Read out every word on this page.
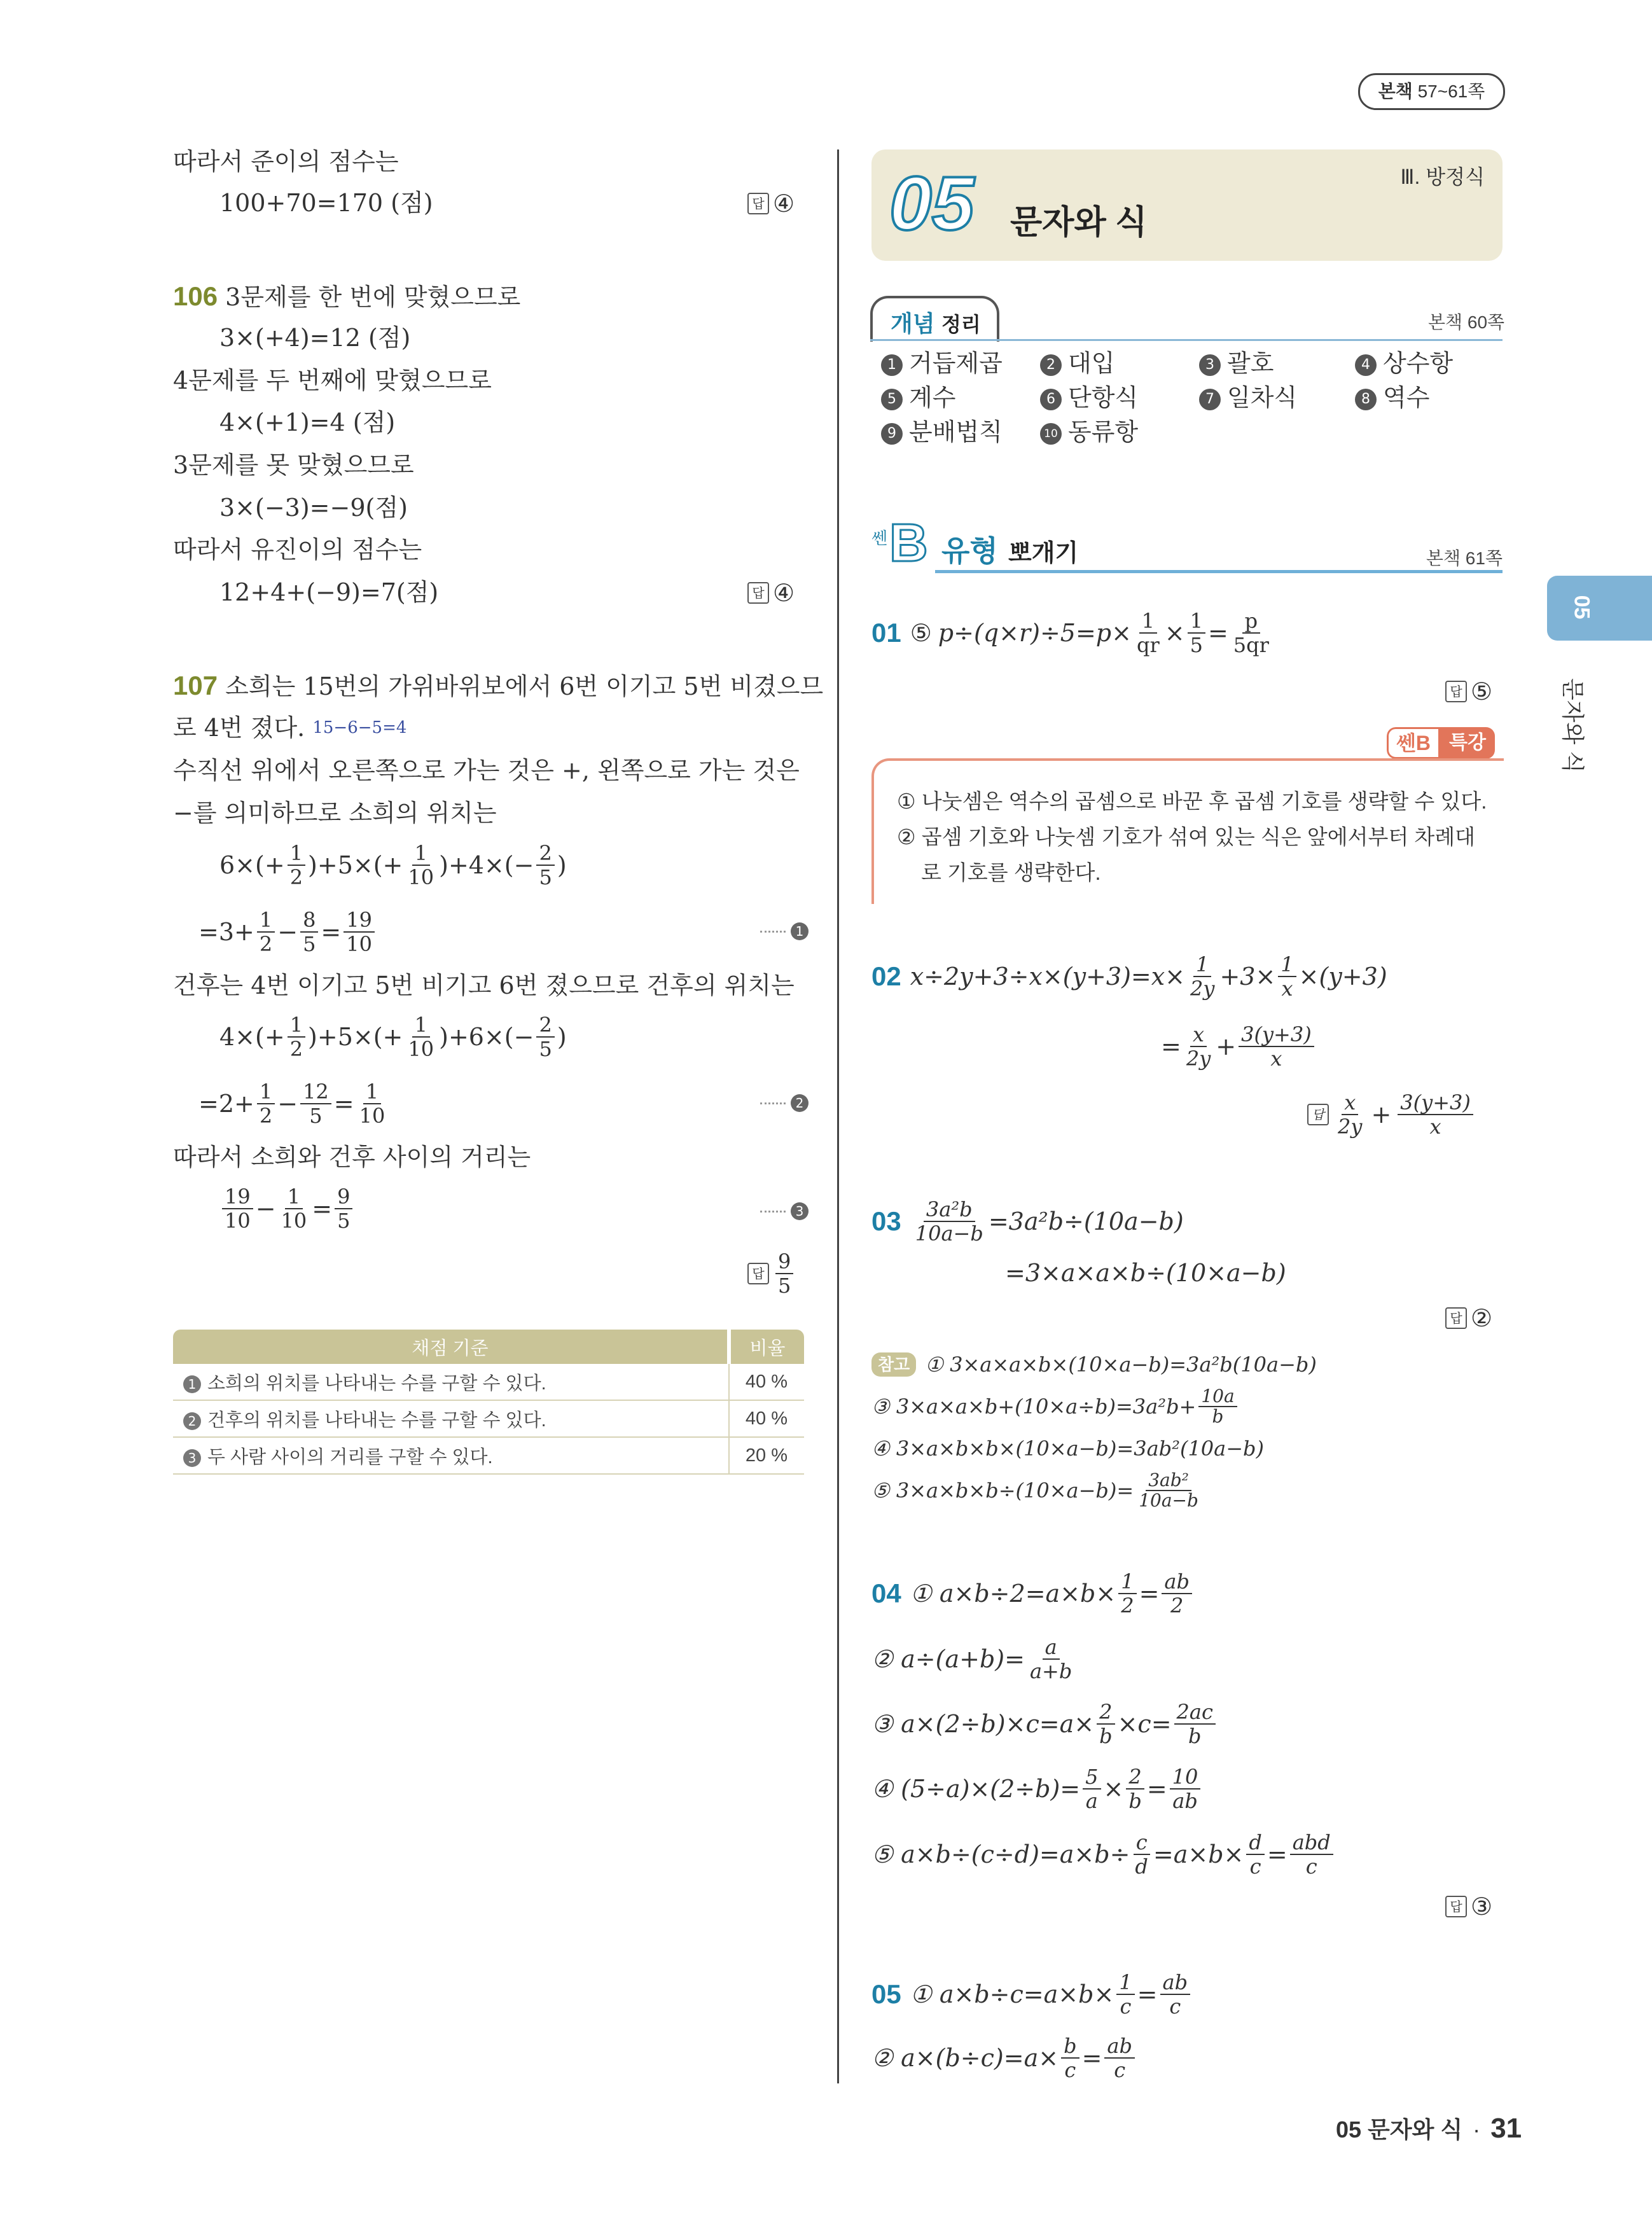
본책 57~61쪽
05
문자와 식
따라서 준이의 점수는
100+70=170 (점)	답 ④
106 3문제를 한 번에 맞혔으므로
3×(+4)=12 (점)
4문제를 두 번째에 맞혔으므로
4×(+1)=4 (점)
3문제를 못 맞혔으므로
3×(−3)=−9(점)
따라서 유진이의 점수는
12+4+(−9)=7(점)	답 ④
107 소희는 15번의 가위바위보에서 6번 이기고 5번 비겼으므
로 4번 졌다. $^{15-6-5=4}$
수직선 위에서 오른쪽으로 가는 것은 +, 왼쪽으로 가는 것은
−를 의미하므로 소희의 위치는
$6\times(+ \frac{1}{2} )+5\times(+ \frac{1}{10} )+4\times(- \frac{2}{5}$ )
$=3+ \frac{1}{2} - \frac{8}{5} = \frac{19}{10}$	1
건후는 4번 이기고 5번 비기고 6번 졌으므로 건후의 위치는
$4\times(+ \frac{1}{2} )+5\times(+ \frac{1}{10} )+6\times(- \frac{2}{5}$ )
$=2+ \frac{1}{2} - \frac{12}{5} = \frac{1}{10}$	2
따라서 소희와 건후 사이의 거리는
$\frac{19}{10} - \frac{1}{10} = \frac{9}{5}$	3
답 $\frac{9}{5}$
채점 기준	비율
1 소희의 위치를 나타내는 수를 구할 수 있다.	40 %
2 건후의 위치를 나타내는 수를 구할 수 있다.	40 %
3 두 사람 사이의 거리를 구할 수 있다.	20 %
05 문자와 식
Ⅲ. 방정식
개념 정리	본책 60쪽
1 거듭제곱	2 대입	3 괄호	4 상수항
5 계수	6 단항식	7 일차식	8 역수
9 분배법칙	10 동류항
쎈 B 유형 뽀개기	본책 61쪽
01 ⑤ $p\div(q\times r)\div 5=p\times \frac{1}{qr} \times \frac{1}{5} = \frac{p}{5qr}$
답 ⑤
쎈B 특강
① 나눗셈은 역수의 곱셈으로 바꾼 후 곱셈 기호를 생략할 수 있다.
② 곱셈 기호와 나눗셈 기호가 섞여 있는 식은 앞에서부터 차례대
로 기호를 생략한다.
02 $x\div 2y+3\div x\times(y+3)=x\times \frac{1}{2y} +3\times \frac{1}{x} \times(y+3)$
= $\frac{x}{2y} + \frac{3(y+3)}{x}$
답 $\frac{x}{2y} + \frac{3(y+3)}{x}$
$03 \frac{\text{3a²b}}{10a-b} =3a^2b\div(10a-b)$
=3×a×a×b÷(10×a−b)
답 ②
참고 ① 3×a×a×b×(10×a−b)=3a²b(10a−b)
③ $3\times a\times a\times b+(10\times a\div b)=3a^2b+ \frac{10a}{b}$
④ 3×a×b×b×(10×a−b)=3ab²(10a−b)
⑤ $3\times a\times b\times b\div(10\times a-b)= \frac{\text{3ab²}}{10a-b}$
04 ① $a\times b\div 2=a\times b\times \frac{1}{2} = \frac{ab}{2}$
② $a\div(a+b)= \frac{a}{a+b}$
③ $a\times(2\div b)\times c=a\times \frac{2}{b} \times c= \frac{2ac}{b}$
④ $(5\div a)\times(2\div b)= \frac{5}{a} \times \frac{2}{b} = \frac{10}{ab}$
⑤ $a\times b\div(c\div d)=a\times b\div \frac{c}{d} =a\times b\times \frac{d}{c} = \frac{\text{abd}}{c}$
답 ③
05 ① $a\times b\div c=a\times b\times \frac{1}{c} = \frac{ab}{c}$
② $a\times(b\div c)=a\times \frac{b}{c} = \frac{ab}{c}$
05 문자와 식 · 31
